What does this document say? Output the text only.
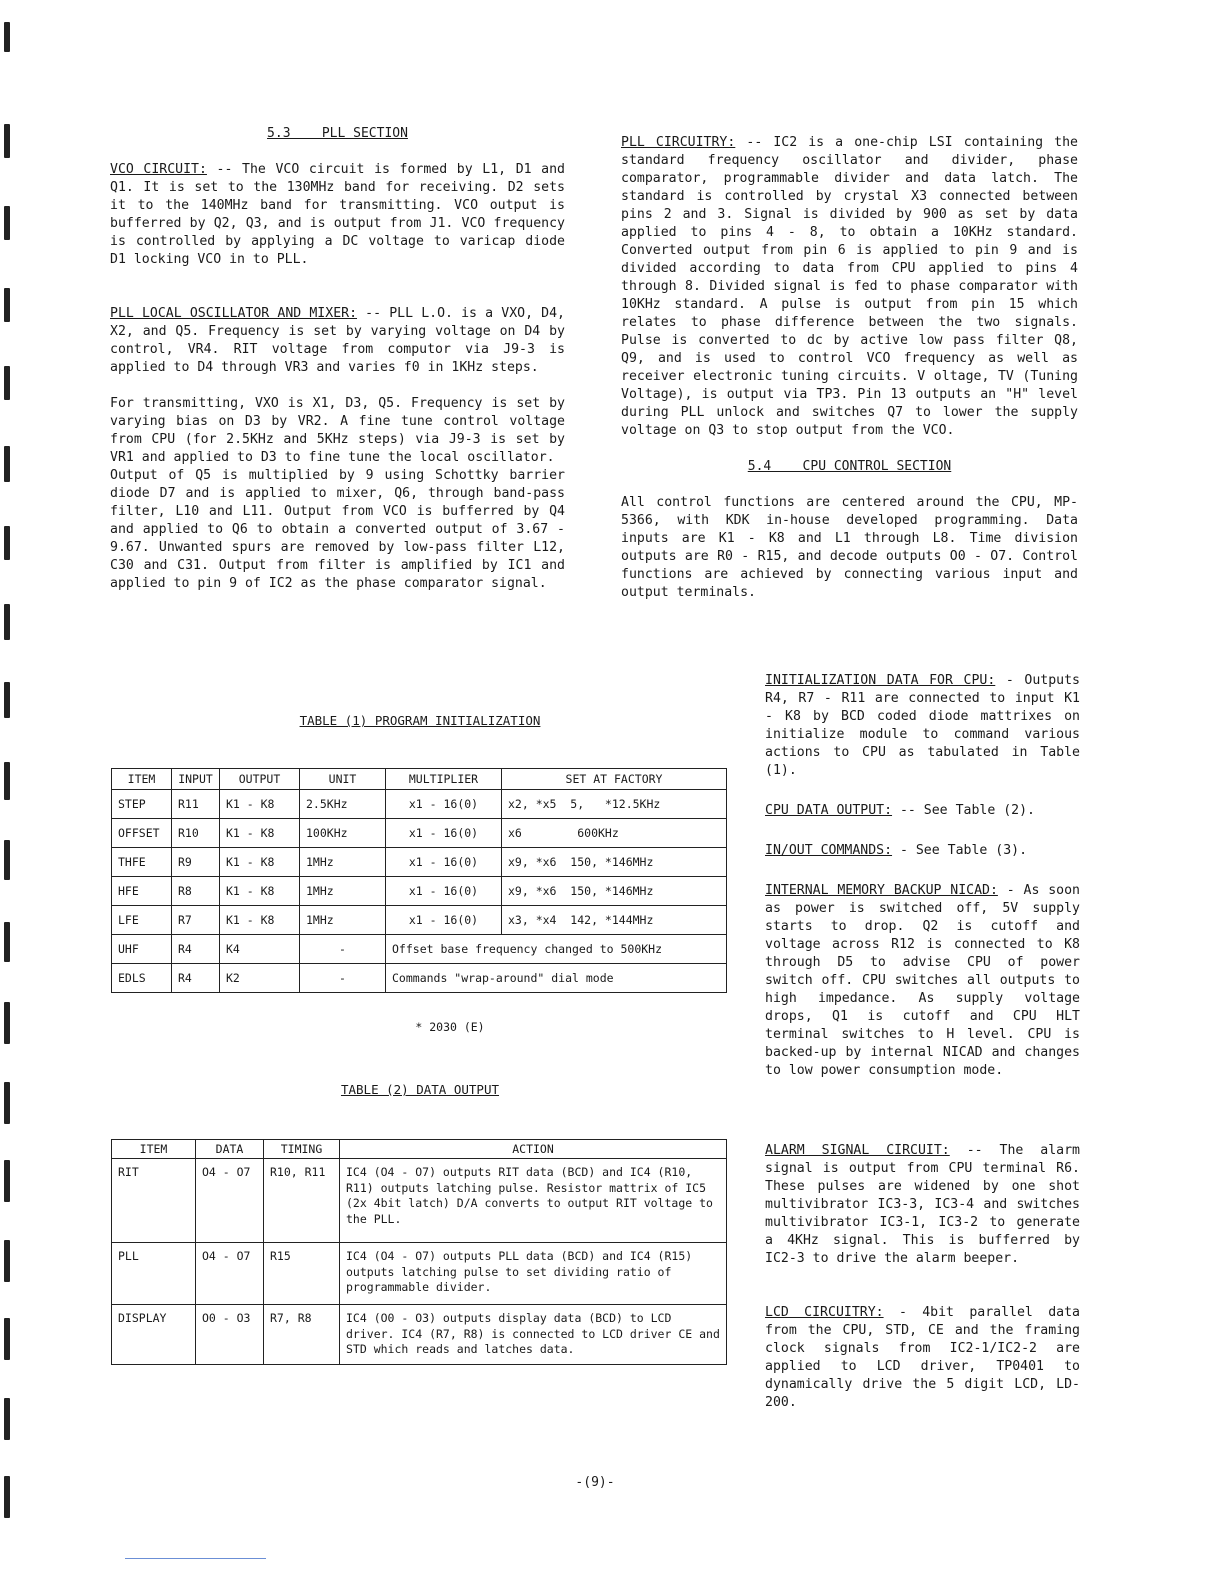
5.3    PLL SECTION

VCO CIRCUIT: -- The VCO circuit is formed by L1, D1 and Q1. It is set to the 130MHz band for receiving. D2 sets it to the 140MHz band for transmitting. VCO output is bufferred by Q2, Q3, and is output from J1. VCO frequency is controlled by applying a DC voltage to varicap diode D1 locking VCO in to PLL.

PLL LOCAL OSCILLATOR AND MIXER: -- PLL L.O. is a VXO, D4, X2, and Q5. Frequency is set by varying voltage on D4 by control, VR4. RIT voltage from computor via J9-3 is applied to D4 through VR3 and varies f0 in 1KHz steps.

For transmitting, VXO is X1, D3, Q5. Frequency is set by varying bias on D3 by VR2. A fine tune control voltage from CPU (for 2.5KHz and 5KHz steps) via J9-3 is set by VR1 and applied to D3 to fine tune the local oscillator.

Output of Q5 is multiplied by 9 using Schottky barrier diode D7 and is applied to mixer, Q6, through band-pass filter, L10 and L11. Output from VCO is bufferred by Q4 and applied to Q6 to obtain a converted output of 3.67 - 9.67. Unwanted spurs are removed by low-pass filter L12, C30 and C31. Output from filter is amplified by IC1 and applied to pin 9 of IC2 as the phase comparator signal.

PLL CIRCUITRY: -- IC2 is a one-chip LSI containing the standard frequency oscillator and divider, phase comparator, programmable divider and data latch. The standard is controlled by crystal X3 connected between pins 2 and 3. Signal is divided by 900 as set by data applied to pins 4 - 8, to obtain a 10KHz standard. Converted output from pin 6 is applied to pin 9 and is divided according to data from CPU applied to pins 4 through 8. Divided signal is fed to phase comparator with 10KHz standard. A pulse is output from pin 15 which relates to phase difference between the two signals. Pulse is converted to dc by active low pass filter Q8, Q9, and is used to control VCO frequency as well as receiver electronic tuning circuits. V oltage, TV (Tuning Voltage), is output via TP3. Pin 13 outputs an "H" level during PLL unlock and switches Q7 to lower the supply voltage on Q3 to stop output from the VCO.

5.4    CPU CONTROL SECTION

All control functions are centered around the CPU, MP-5366, with KDK in-house developed programming. Data inputs are K1 - K8 and L1 through L8. Time division outputs are R0 - R15, and decode outputs O0 - O7. Control functions are achieved by connecting various input and output terminals.

INITIALIZATION DATA FOR CPU: - Outputs R4, R7 - R11 are connected to input K1 - K8 by BCD coded diode mattrixes on initialize module to command various actions to CPU as tabulated in Table (1).

CPU DATA OUTPUT: -- See Table (2).

IN/OUT COMMANDS: - See Table (3).

INTERNAL MEMORY BACKUP NICAD: - As soon as power is switched off, 5V supply starts to drop. Q2 is cutoff and voltage across R12 is connected to K8 through D5 to advise CPU of power switch off. CPU switches all outputs to high impedance. As supply voltage drops, Q1 is cutoff and CPU HLT terminal switches to H level. CPU is backed-up by internal NICAD and changes to low power consumption mode.

ALARM SIGNAL CIRCUIT: -- The alarm signal is output from CPU terminal R6. These pulses are widened by one shot multivibrator IC3-3, IC3-4 and switches multivibrator IC3-1, IC3-2 to generate a 4KHz signal. This is bufferred by IC2-3 to drive the alarm beeper.

LCD CIRCUITRY: - 4bit parallel data from the CPU, STD, CE and the framing clock signals from IC2-1/IC2-2 are applied to LCD driver, TP0401 to dynamically drive the 5 digit LCD, LD-200.

TABLE (1) PROGRAM INITIALIZATION
ITEM	INPUT	OUTPUT	UNIT	MULTIPLIER	SET AT FACTORY
STEP	R11	K1 - K8	2.5KHz	x1 - 16(0)	x2, *x5  5,   *12.5KHz
OFFSET	R10	K1 - K8	100KHz	x1 - 16(0)	x6        600KHz
THFE	R9	K1 - K8	1MHz	x1 - 16(0)	x9, *x6  150, *146MHz
HFE	R8	K1 - K8	1MHz	x1 - 16(0)	x9, *x6  150, *146MHz
LFE	R7	K1 - K8	1MHz	x1 - 16(0)	x3, *x4  142, *144MHz
UHF	R4	K4	-	Offset base frequency changed to 500KHz	
EDLS	R4	K2	-	Commands "wrap-around" dial mode	
* 2030 (E)
TABLE (2) DATA OUTPUT
ITEM	DATA	TIMING	ACTION
RIT	O4 - O7	R10, R11	IC4 (O4 - O7) outputs RIT data (BCD) and IC4 (R10, R11) outputs latching pulse. Resistor mattrix of IC5 (2x 4bit latch) D/A converts to output RIT voltage to the PLL.
PLL	O4 - O7	R15	IC4 (O4 - O7) outputs PLL data (BCD) and IC4 (R15) outputs latching pulse to set dividing ratio of programmable divider.
DISPLAY	O0 - O3	R7, R8	IC4 (O0 - O3) outputs display data (BCD) to LCD driver. IC4 (R7, R8) is connected to LCD driver CE and STD which reads and latches data.
-(9)-
